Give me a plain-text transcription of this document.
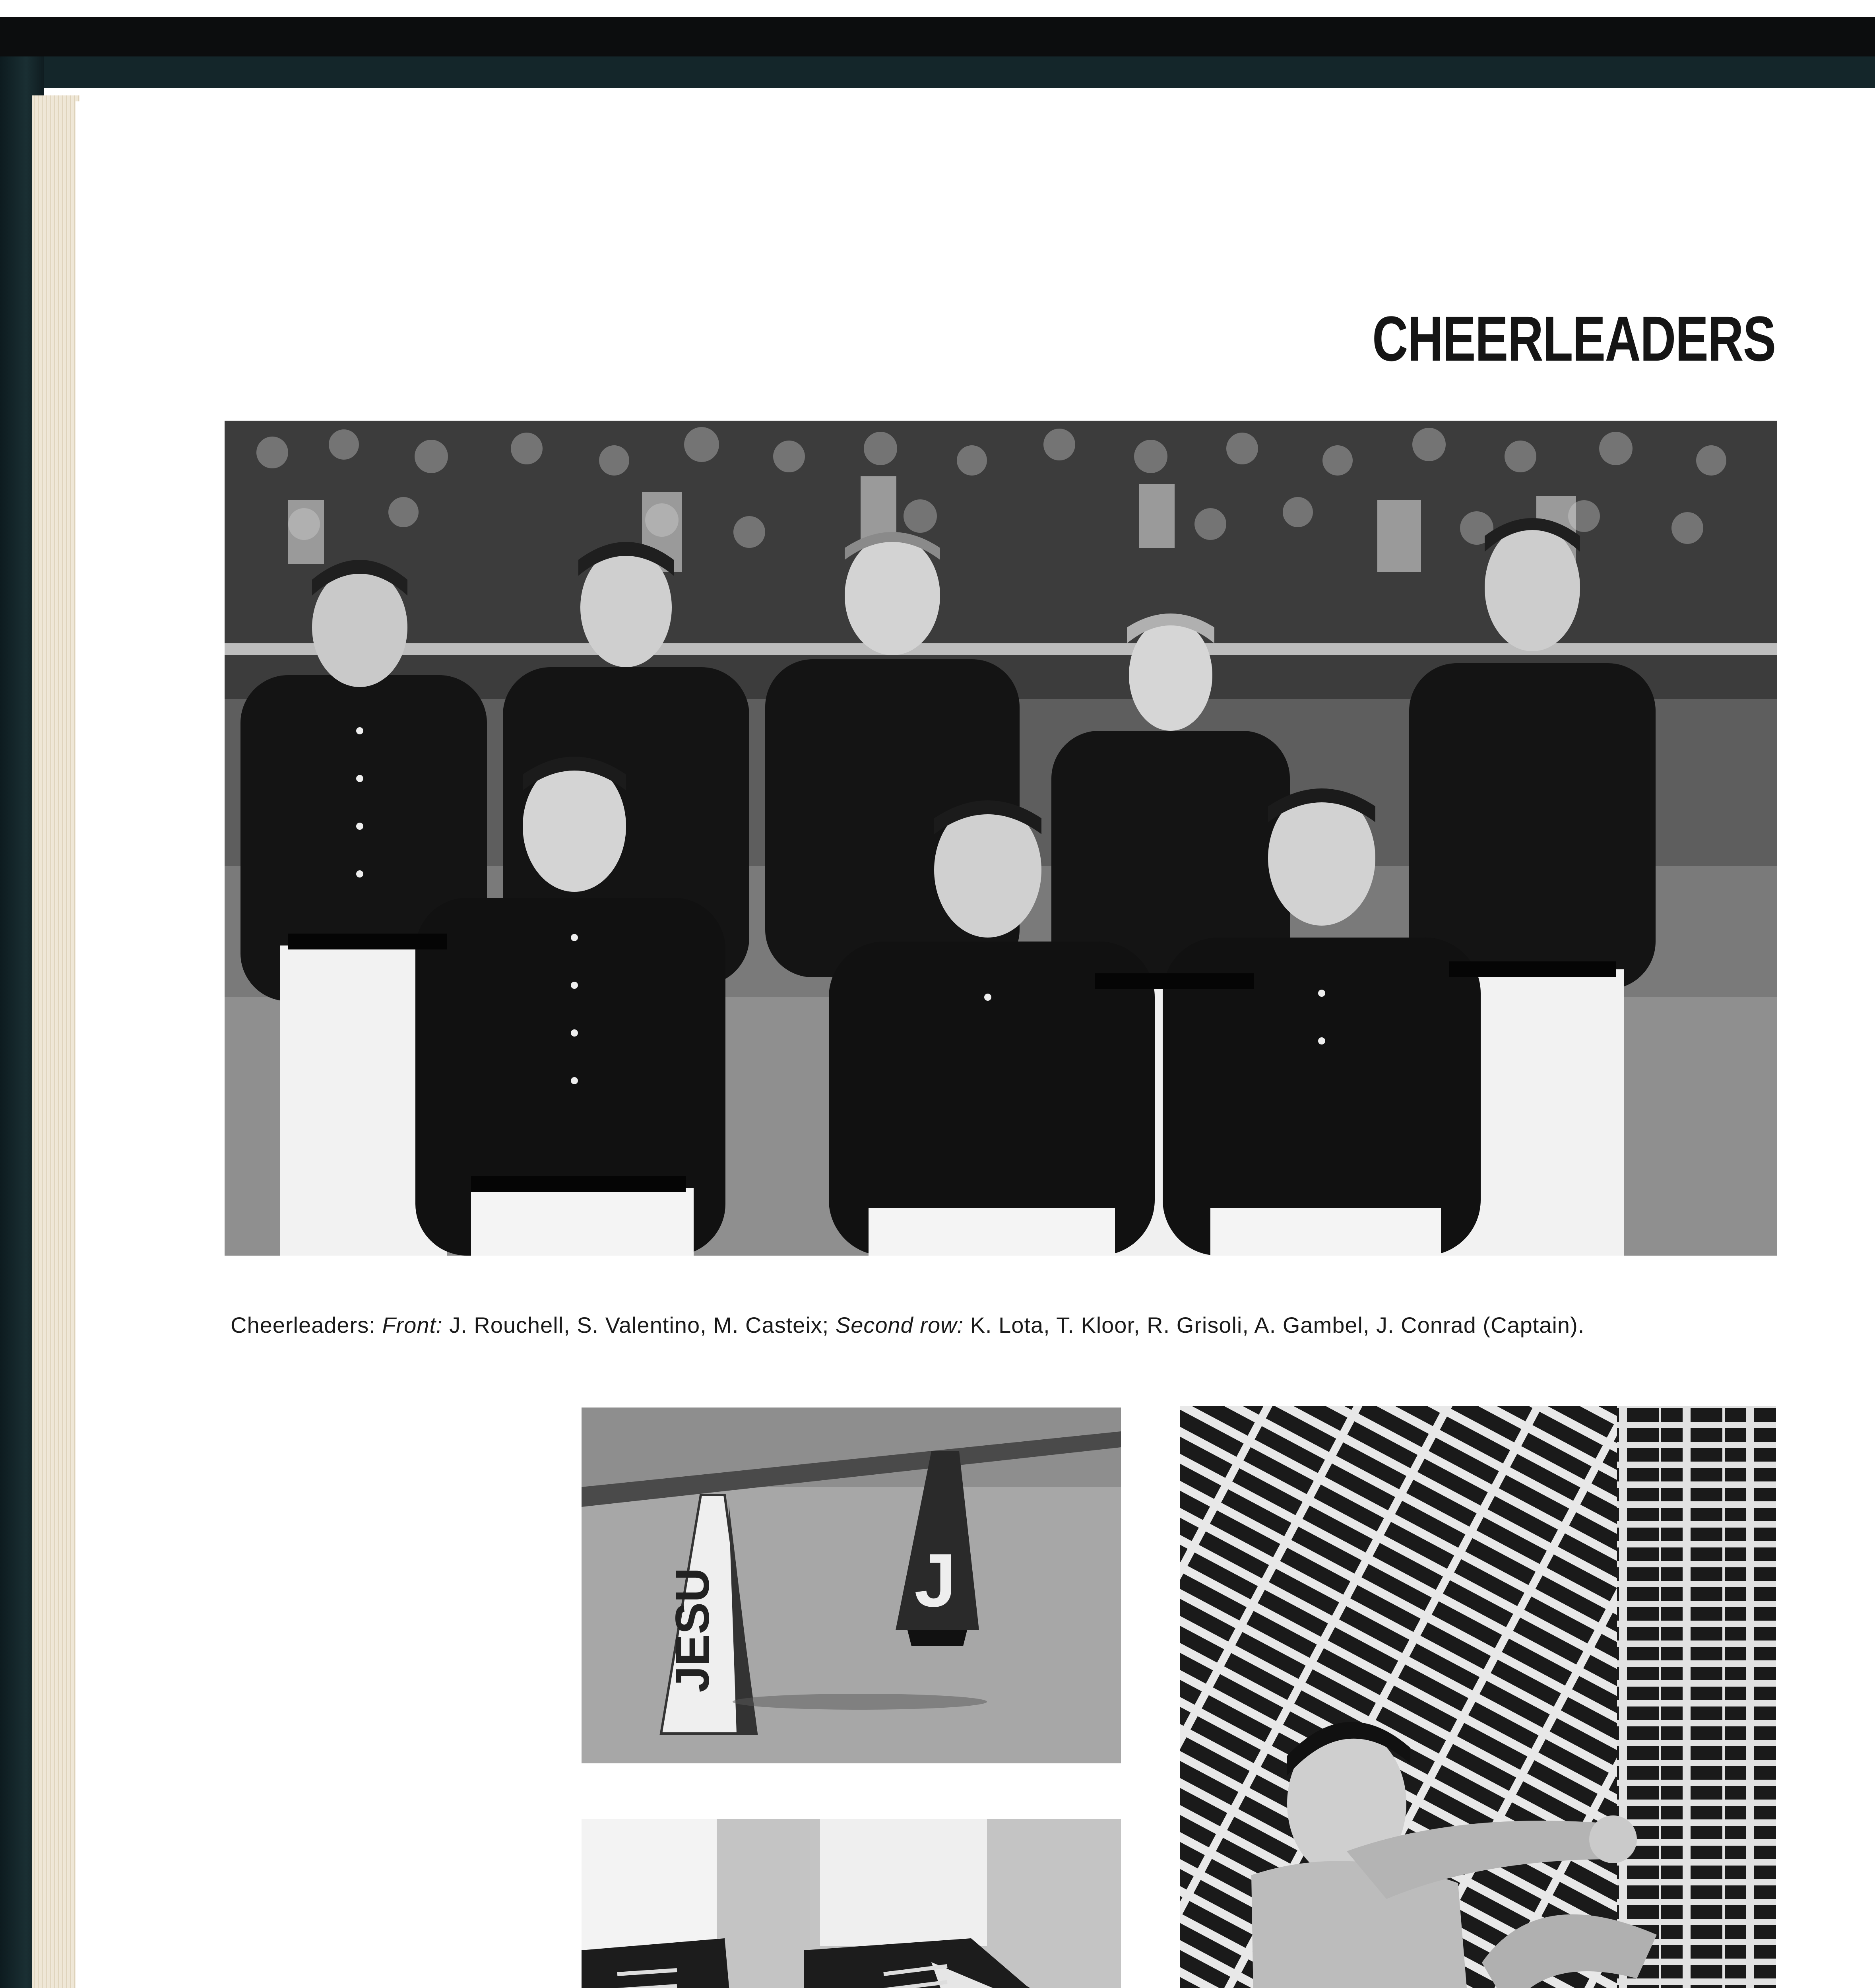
CHEERLEADERS
Cheerleaders: Front: J. Rouchell, S. Valentino, M. Casteix; Second row: K. Lota, T. Kloor, R. Grisoli, A. Gambel, J. Conrad (Captain).
J
JESU
